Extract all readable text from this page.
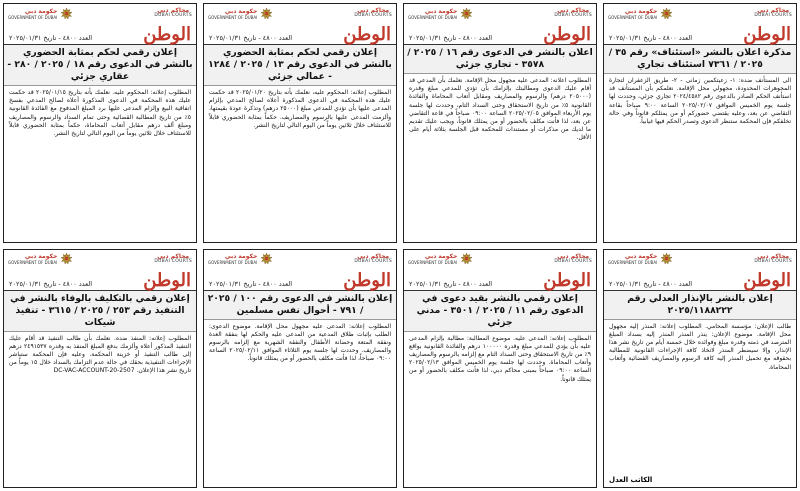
محاكم دبي
DUBAI COURTS
حكومة دبي
GOVERNMENT OF DUBAI
الوطن
العدد ٤٨٠٠ - تاريخ ٢٠٢٥/٠١/٣١
مذكرة اعلان بالنشر «استئناف» رقم ٣٥ / ٢٠٢٥ / ٧٣٦١ استئناف تجاري
الى المستأنف ضده: ١- زعيتكمين زمانى - ٢- طريق الزعفران لتجارة المجوهرات المحدودة، مجهولي محل الإقامة. نعلمكم بأن المستأنف قد استأنف الحكم الصادر بالدعوى رقم ٢٠٢٤/٤٥٨٢ تجاري جزئي، وحددت لها جلسة يوم الخميس الموافق ٢٠٢٥/٠٢/٠٧ الساعة ٩:٠٠ صباحاً بقاعة التقاضي عن بعد، وعليه يقتضي حضوركم أو من يمثلكم قانوناً وفي حالة تخلفكم فإن المحكمة ستنظر الدعوى وتصدر الحكم فيها غيابياً.
محاكم دبي
DUBAI COURTS
حكومة دبي
GOVERNMENT OF DUBAI
الوطن
العدد ٤٨٠٠ - تاريخ ٢٠٢٥/٠١/٣١
اعلان بالنشر في الدعوى رقم ١٦ / ٢٠٢٥ / ٣٥٧٨ - تجاري جزئي
المطلوب اعلانه: المدعى عليه مجهول محل الإقامة. نعلمك بأن المدعي قد أقام عليك الدعوى ومطالبتك بإلزامك بأن تؤدي للمدعي مبلغ وقدره (٢٠٥٠٠٠ درهم) والرسوم والمصاريف ومقابل أتعاب المحاماة والفائدة القانونية ٥٪ من تاريخ الاستحقاق وحتى السداد التام، وحددت لها جلسة يوم الأربعاء الموافق ٢٠٢٥/٠٢/٠٥ الساعة ٠٩:٠٠ صباحاً في قاعة التقاضي عن بعد، لذا فأنت مكلف بالحضور أو من يمثلك قانوناً، ويجب عليك تقديم ما لديك من مذكرات أو مستندات للمحكمة قبل الجلسة بثلاثة أيام على الأقل.
محاكم دبي
DUBAI COURTS
حكومة دبي
GOVERNMENT OF DUBAI
الوطن
العدد ٤٨٠٠ - تاريخ ٢٠٢٥/٠١/٣١
إعلان رقمي لحكم بمثابة الحضوري بالنشر في الدعوى رقم ١٣ / ٢٠٢٥ / ١٢٨٤ - عمالي جزئي
المطلوب إعلانه: المحكوم عليه، نعلمك بأنه بتاريخ ٢٠٢٥/٠١/٢٠ قد حكمت عليك هذه المحكمة في الدعوى المذكورة أعلاه لصالح المدعي بإلزام المدعى عليها بأن تؤدي للمدعي مبلغ (٢٥٠٠٠ درهم) وتذكرة عودة بقيمتها، وألزمت المدعى عليها بالرسوم والمصاريف. حكماً بمثابة الحضوري قابلاً للاستئناف خلال ثلاثين يوماً من اليوم التالي لتاريخ النشر.
محاكم دبي
DUBAI COURTS
حكومة دبي
GOVERNMENT OF DUBAI
الوطن
العدد ٤٨٠٠ - تاريخ ٢٠٢٥/٠١/٣١
إعلان رقمي لحكم بمثابة الحضوري بالنشر في الدعوى رقم ١٨ / ٢٠٢٥ / ٢٨٠ - عقاري جزئي
المطلوب إعلانه: المحكوم عليه. نعلمك بأنه بتاريخ ٢٠٢٥/٠١/١٥ قد حكمت عليك هذه المحكمة في الدعوى المذكورة أعلاه لصالح المدعي بفسخ اتفاقية البيع وإلزام المدعى عليها برد المبلغ المدفوع مع الفائدة القانونية ٥٪ من تاريخ المطالبة القضائية وحتى تمام السداد والرسوم والمصاريف ومبلغ ألف درهم مقابل أتعاب المحاماة، حكماً بمثابة الحضوري قابلاً للاستئناف خلال ثلاثين يوماً من اليوم التالي لتاريخ النشر.
محاكم دبي
DUBAI COURTS
حكومة دبي
GOVERNMENT OF DUBAI
الوطن
العدد ٤٨٠٠ - تاريخ ٢٠٢٥/٠١/٣١
إعلان بالنشر بالإنذار العدلي رقم ٢٠٢٥/١١٨٨٢٢٢
طالب الإعلان: مؤسسة المحامي. المطلوب إعلانه: المنذر إليه مجهول محل الإقامة. موضوع الإعلان: ينذر المنذر المنذر إليه بسداد المبلغ المترصد في ذمته وقدره مبلغ وفوائده خلال خمسة أيام من تاريخ نشر هذا الإنذار، وإلا سيضطر المنذر لاتخاذ كافة الإجراءات القانونية للمطالبة بحقوقه مع تحميل المنذر إليه كافة الرسوم والمصاريف القضائية وأتعاب المحاماة.
الكاتب العدل
محاكم دبي
DUBAI COURTS
حكومة دبي
GOVERNMENT OF DUBAI
الوطن
العدد ٤٨٠٠ - تاريخ ٢٠٢٥/٠١/٣١
إعلان رقمي بالنشر بقيد دعوى في الدعوى رقم ١١ / ٢٠٢٥ / ٣٥٠١ - مدني جزئي
المطلوب إعلانه: المدعى عليه. موضوع المطالبة: مطالبة بإلزام المدعى عليه بأن يؤدي للمدعي مبلغ وقدره ١٠٠٠٠٠ درهم والفائدة القانونية بواقع ٩٪ من تاريخ الاستحقاق وحتى السداد التام مع إلزامه بالرسوم والمصاريف وأتعاب المحاماة. وحددت لها جلسة يوم الخميس الموافق ٢٠٢٥/٠٢/١٣ الساعة ٠٩:٠٠ صباحاً بمبنى محاكم دبي، لذا فأنت مكلف بالحضور أو من يمثلك قانوناً.
محاكم دبي
DUBAI COURTS
حكومة دبي
GOVERNMENT OF DUBAI
الوطن
العدد ٤٨٠٠ - تاريخ ٢٠٢٥/٠١/٣١
إعلان بالنشر في الدعوى رقم ١٠٠ / ٢٠٢٥ / ٧٩١ - أحوال نفس مسلمين
المطلوب إعلانه: المدعى عليه مجهول محل الإقامة. موضوع الدعوى: الطلب بإثبات طلاق المدعية من المدعى عليه والحكم لها بنفقة العدة ونفقة المتعة وحضانة الأطفال والنفقة الشهرية مع إلزامه بالرسوم والمصاريف. وحددت لها جلسة يوم الثلاثاء الموافق ٢٠٢٥/٠٢/١١ الساعة ٠٩:٠٠ صباحاً، لذا فأنت مكلف بالحضور أو من يمثلك قانوناً.
محاكم دبي
DUBAI COURTS
حكومة دبي
GOVERNMENT OF DUBAI
الوطن
العدد ٤٨٠٠ - تاريخ ٢٠٢٥/٠١/٣١
إعلان رقمي بالتكليف بالوفاء بالنشر في التنفيذ رقم ٢٥٣ / ٢٠٢٥ / ٣٦١٥ - تنفيذ شيكات
المطلوب إعلانه: المنفذ ضده. نعلمك بأن طالب التنفيذ قد أقام عليك التنفيذ المذكور أعلاه وألزمك بدفع المبلغ المنفذ به وقدره ٢٤٩١٥٣٧ درهم إلى طالب التنفيذ أو خزينة المحكمة. وعليه فإن المحكمة ستباشر الإجراءات التنفيذية بحقك في حالة عدم التزامك بالسداد خلال ١٥ يوماً من تاريخ نشر هذا الإعلان. DC-VAC-ACCOUNT-20-2507
